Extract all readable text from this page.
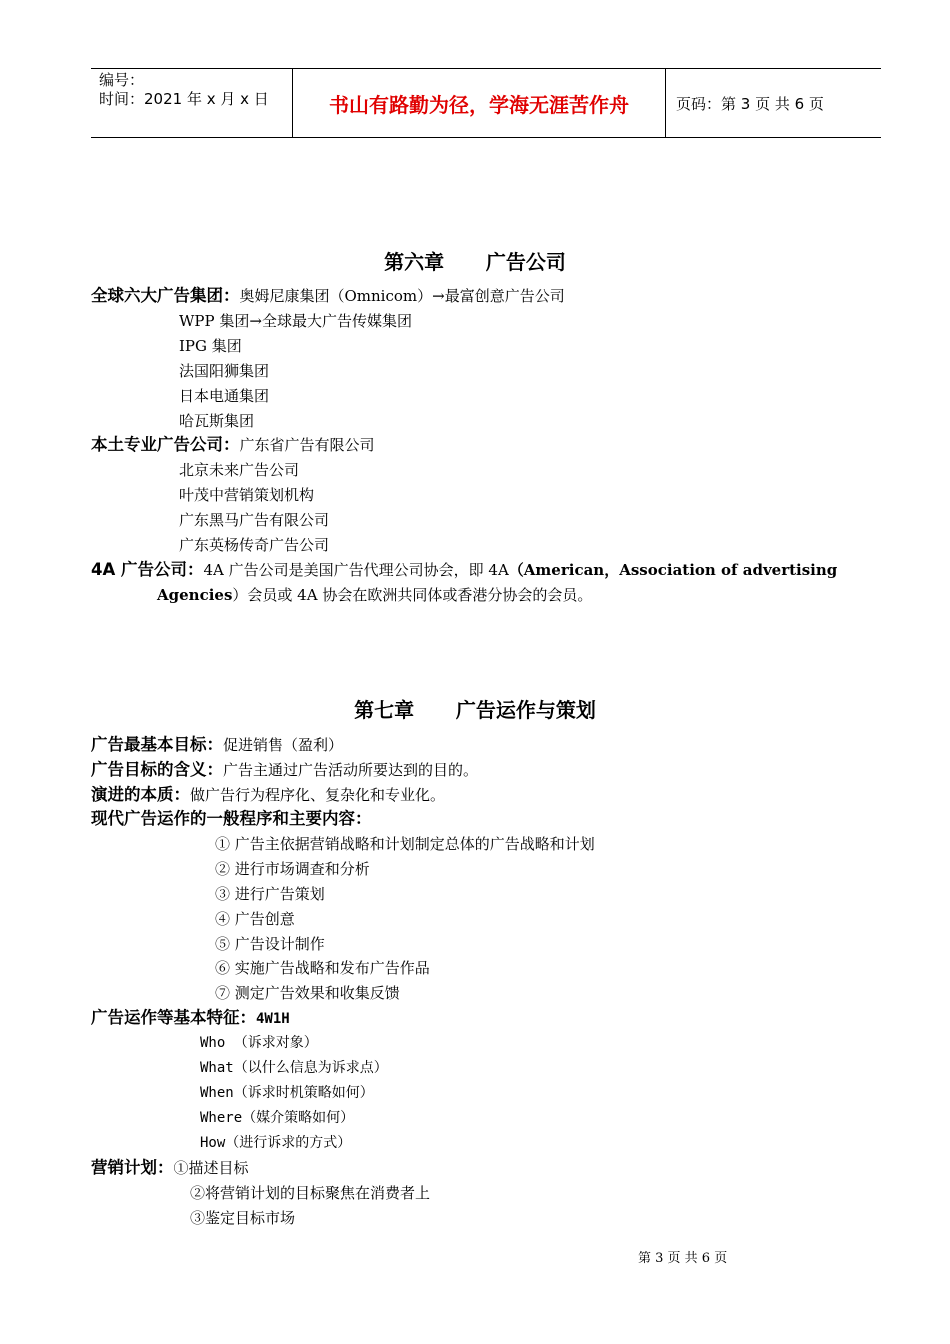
编号：
时间：2021 年 x 月 x 日	书山有路勤为径，学海无涯苦作舟	页码：第 3 页 共 6 页
第六章      广告公司
全球六大广告集团：奥姆尼康集团（Omnicom）→最富创意广告公司
WPP 集团→全球最大广告传媒集团
IPG 集团
法国阳狮集团
日本电通集团
哈瓦斯集团
本土专业广告公司：广东省广告有限公司
北京未来广告公司
叶茂中营销策划机构
广东黑马广告有限公司
广东英杨传奇广告公司
4A 广告公司：4A 广告公司是美国广告代理公司协会，即 4A（American，Association of advertising
Agencies）会员或 4A 协会在欧洲共同体或香港分协会的会员。
第七章      广告运作与策划
广告最基本目标：促进销售（盈利）
广告目标的含义：广告主通过广告活动所要达到的目的。
演进的本质：做广告行为程序化、复杂化和专业化。
现代广告运作的一般程序和主要内容：
① 广告主依据营销战略和计划制定总体的广告战略和计划
② 进行市场调查和分析
③ 进行广告策划
④ 广告创意
⑤ 广告设计制作
⑥ 实施广告战略和发布广告作品
⑦ 测定广告效果和收集反馈
广告运作等基本特征：4W1H
Who （诉求对象）
What（以什么信息为诉求点）
When（诉求时机策略如何）
Where（媒介策略如何）
How（进行诉求的方式）
营销计划：①描述目标
②将营销计划的目标聚焦在消费者上
③鉴定目标市场
第 3 页 共 6 页
